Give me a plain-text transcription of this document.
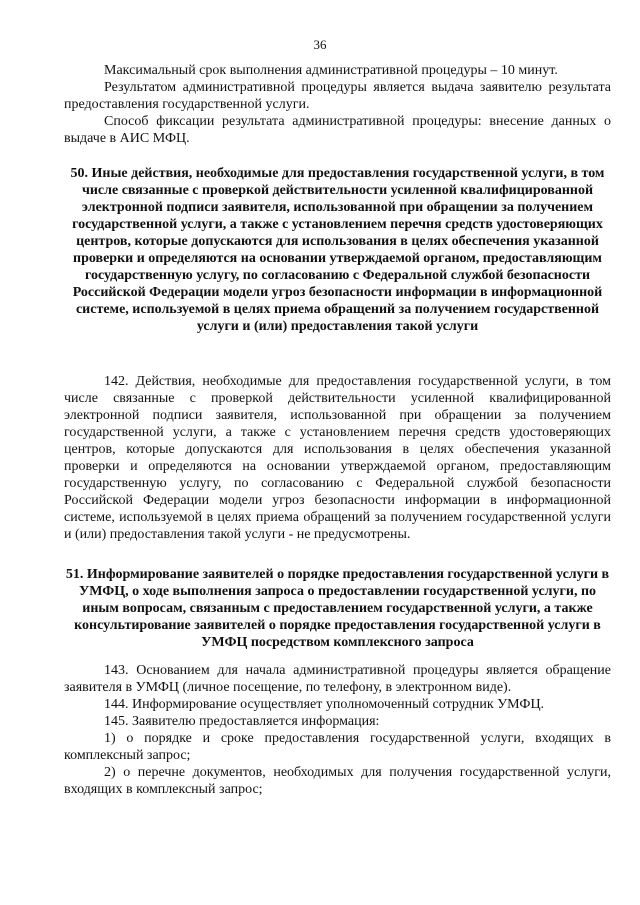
36

Максимальный срок выполнения административной процедуры – 10 минут.

Результатом административной процедуры является выдача заявителю результата предоставления государственной услуги.

Способ фиксации результата административной процедуры: внесение данных о выдаче в АИС МФЦ.

50. Иные действия, необходимые для предоставления государственной услуги, в том числе связанные с проверкой действительности усиленной квалифицированной электронной подписи заявителя, использованной при обращении за получением государственной услуги, а также с установлением перечня средств удостоверяющих центров, которые допускаются для использования в целях обеспечения указанной проверки и определяются на основании утверждаемой органом, предоставляющим государственную услугу, по согласованию с Федеральной службой безопасности Российской Федерации модели угроз безопасности информации в информационной системе, используемой в целях приема обращений за получением государственной услуги и (или) предоставления такой услуги

142. Действия, необходимые для предоставления государственной услуги, в том числе связанные с проверкой действительности усиленной квалифицированной электронной подписи заявителя, использованной при обращении за получением государственной услуги, а также с установлением перечня средств удостоверяющих центров, которые допускаются для использования в целях обеспечения указанной проверки и определяются на основании утверждаемой органом, предоставляющим государственную услугу, по согласованию с Федеральной службой безопасности Российской Федерации модели угроз безопасности информации в информационной системе, используемой в целях приема обращений за получением государственной услуги и (или) предоставления такой услуги - не предусмотрены.

51. Информирование заявителей о порядке предоставления государственной услуги в УМФЦ, о ходе выполнения запроса о предоставлении государственной услуги, по иным вопросам, связанным с предоставлением государственной услуги, а также консультирование заявителей о порядке предоставления государственной услуги в УМФЦ посредством комплексного запроса

143. Основанием для начала административной процедуры является обращение заявителя в УМФЦ (личное посещение, по телефону, в электронном виде).

144. Информирование осуществляет уполномоченный сотрудник УМФЦ.

145. Заявителю предоставляется информация:

1) о порядке и сроке предоставления государственной услуги, входящих в комплексный запрос;

2) о перечне документов, необходимых для получения государственной услуги, входящих в комплексный запрос;
